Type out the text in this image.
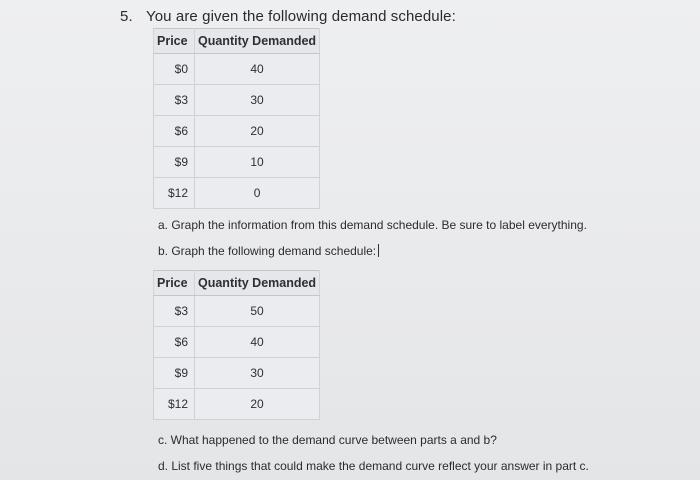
5. You are given the following demand schedule:
Price	Quantity Demanded
$0	40
$3	30
$6	20
$9	10
$12	0
a. Graph the information from this demand schedule. Be sure to label everything.
b. Graph the following demand schedule:
Price	Quantity Demanded
$3	50
$6	40
$9	30
$12	20
c. What happened to the demand curve between parts a and b?
d. List five things that could make the demand curve reflect your answer in part c.
